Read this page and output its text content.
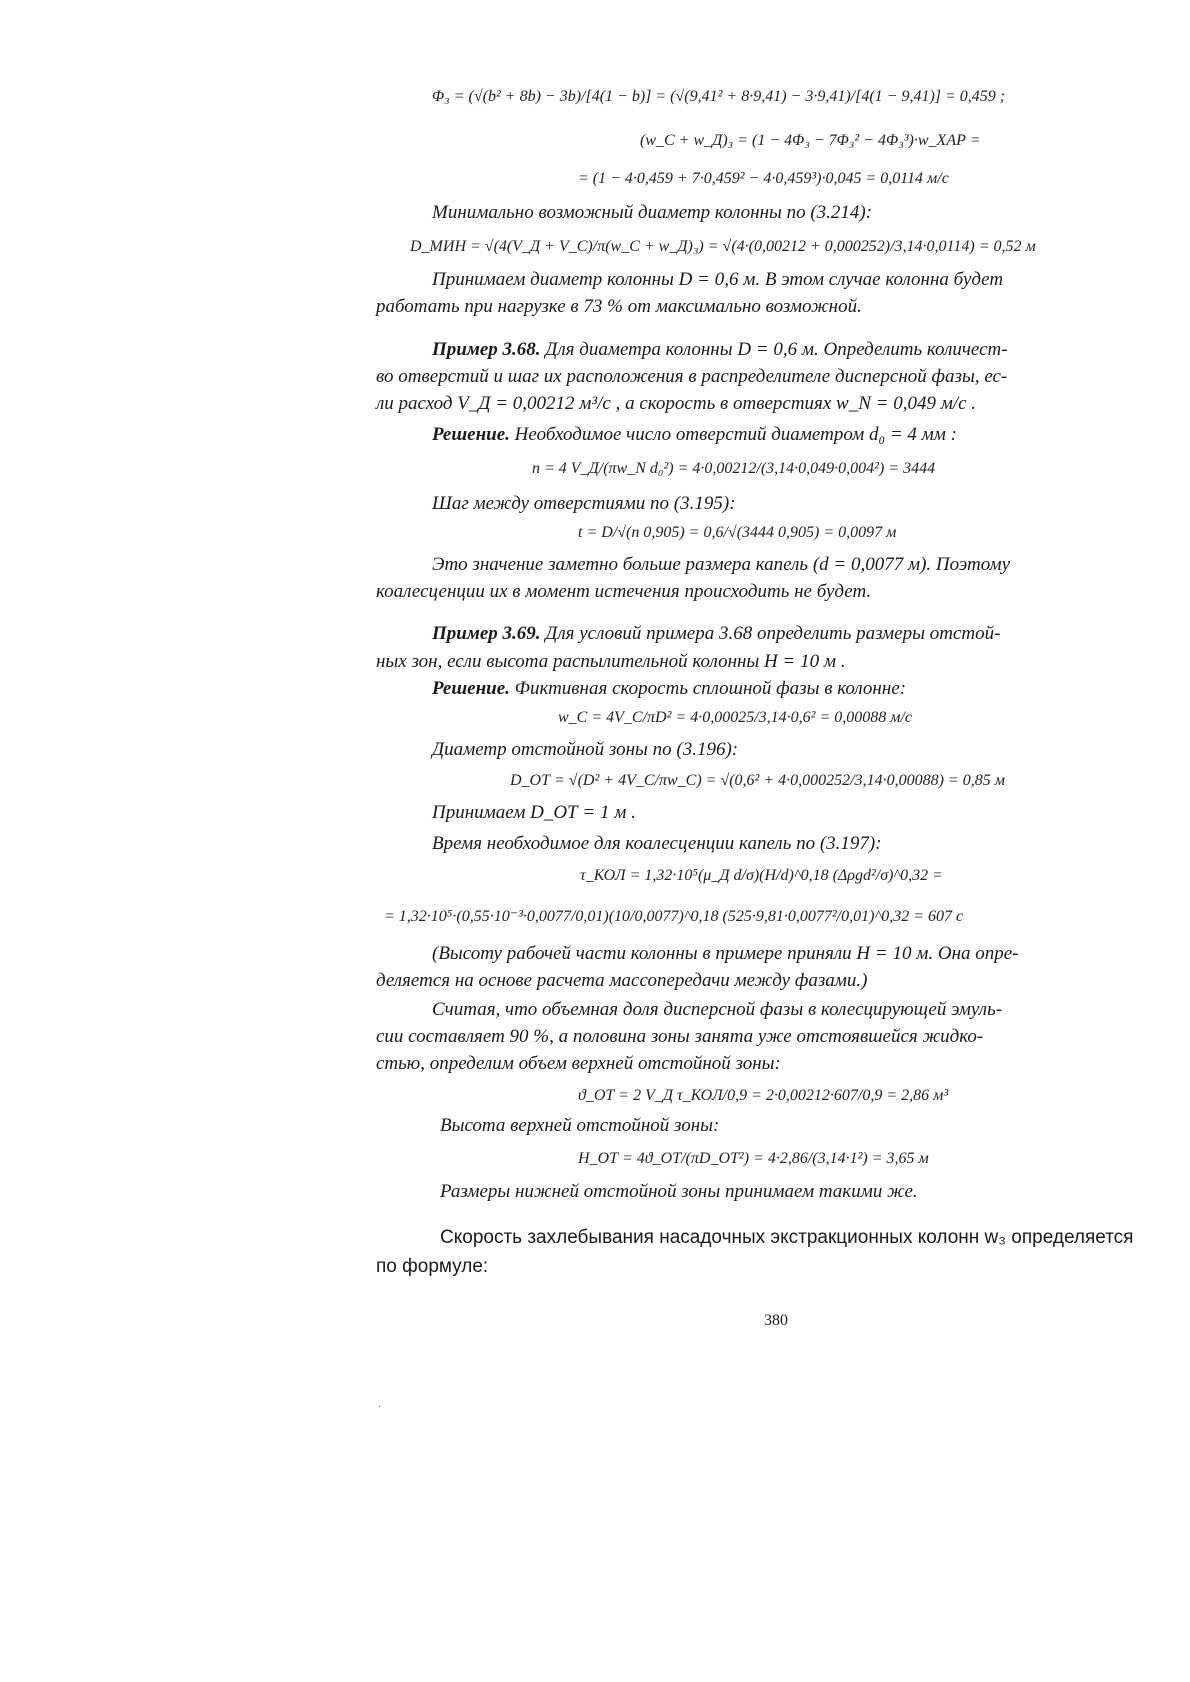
Φ₃ = (√(b² + 8b) − 3b)/[4(1 − b)] = (√(9,41² + 8·9,41) − 3·9,41)/[4(1 − 9,41)] = 0,459 ;
(w_C + w_Д)₃ = (1 − 4Φ₃ − 7Φ₃² − 4Φ₃³)·w_ХАР =
= (1 − 4·0,459 + 7·0,459² − 4·0,459³)·0,045 = 0,0114 м/с
Минимально возможный диаметр колонны по (3.214):
D_МИН = √(4(V_Д + V_С)/π(w_C + w_Д)₃) = √(4·(0,00212 + 0,000252)/3,14·0,0114) = 0,52 м
Принимаем диаметр колонны D = 0,6 м. В этом случае колонна будет
работать при нагрузке в 73 % от максимально возможной.
Пример 3.68. Для диаметра колонны D = 0,6 м. Определить количест-
во отверстий и шаг их расположения в распределителе дисперсной фазы, ес-
ли расход V_Д = 0,00212 м³/с , а скорость в отверстиях w_N = 0,049 м/с .
Решение. Необходимое число отверстий диаметром d₀ = 4 мм :
n = 4 V_Д/(πw_N d₀²) = 4·0,00212/(3,14·0,049·0,004²) = 3444
Шаг между отверстиями по (3.195):
t = D/√(n 0,905) = 0,6/√(3444 0,905) = 0,0097 м
Это значение заметно больше размера капель (d = 0,0077 м). Поэтому
коалесценции их в момент истечения происходить не будет.
Пример 3.69. Для условий примера 3.68 определить размеры отстой-
ных зон, если высота распылительной колонны H = 10 м .
Решение. Фиктивная скорость сплошной фазы в колонне:
w_C = 4V_C/πD² = 4·0,00025/3,14·0,6² = 0,00088 м/с
Диаметр отстойной зоны по (3.196):
D_ОТ = √(D² + 4V_C/πw_C) = √(0,6² + 4·0,000252/3,14·0,00088) = 0,85 м
Принимаем D_ОТ = 1 м .
Время необходимое для коалесценции капель по (3.197):
τ_КОЛ = 1,32·10⁵(μ_Д d/σ)(H/d)^0,18 (Δρgd²/σ)^0,32 =
= 1,32·10⁵·(0,55·10⁻³·0,0077/0,01)(10/0,0077)^0,18 (525·9,81·0,0077²/0,01)^0,32 = 607 с
(Высоту рабочей части колонны в примере приняли H = 10 м. Она опре-
деляется на основе расчета массопередачи между фазами.)
Считая, что объемная доля дисперсной фазы в колесцирующей эмуль-
сии составляет 90 %, а половина зоны занята уже отстоявшейся жидко-
стью, определим объем верхней отстойной зоны:
ϑ_ОТ = 2 V_Д τ_КОЛ/0,9 = 2·0,00212·607/0,9 = 2,86 м³
Высота верхней отстойной зоны:
H_ОТ = 4ϑ_ОТ/(πD_ОТ²) = 4·2,86/(3,14·1²) = 3,65 м
Размеры нижней отстойной зоны принимаем такими же.
Скорость захлебывания насадочных экстракционных колонн w₃ определяется
по формуле:
380
·
